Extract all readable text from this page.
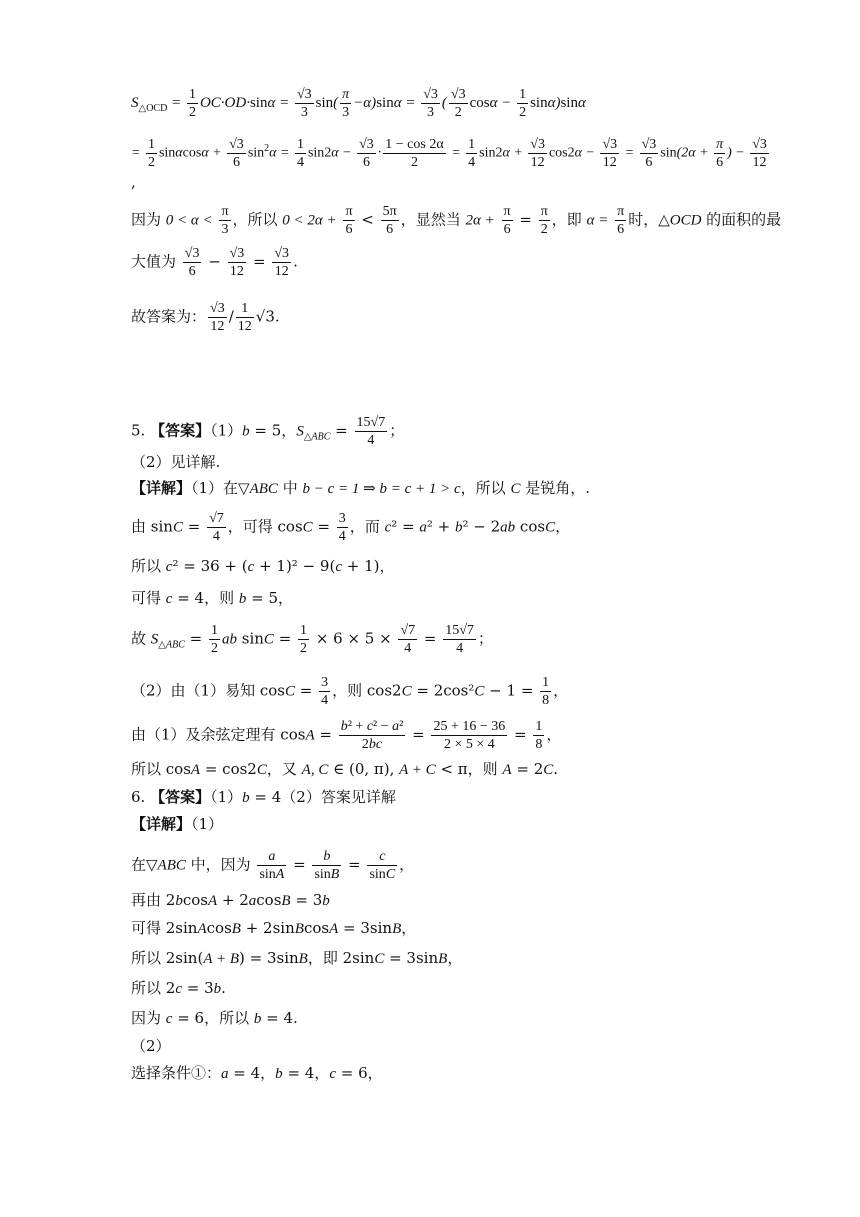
$S_{\triangle OCD} = \frac{1}{2} OC\cdot OD\cdot\sin\alpha = \frac{√3}{3} \sin( \frac{\pi}{3} -\alpha)\sin\alpha = \frac{√3}{3}$ ( $\frac{√3}{2}$ $\cos\alpha - \frac{1}{2} \sin\alpha)\sin\alpha$
= $\frac{1}{2}$ $\sin\alpha\cos\alpha + \frac{√3}{6} \sin^2\alpha = \frac{1}{4} \sin 2\alpha - \frac{√3}{6} \cdot \frac{1 - \cos 2\alpha}{2} = \frac{1}{4} \sin 2\alpha + \frac{√3}{12} \cos 2\alpha - \frac{√3}{12} = \frac{√3}{6} \sin(2\alpha + \frac{\pi}{6}$ ) − $\frac{√3}{12}$
,
因为 $0 < \alpha < \frac{\pi}{3}$ ，所以 $0 < 2\alpha + \frac{\pi}{6} < \frac{5\pi}{6}$ ，显然当 $2\alpha + \frac{\pi}{6} = \frac{\pi}{2}$ ，即 $\alpha = \frac{\pi}{6}$ 时，△OCD 的面积的最
大值为 $\frac{√3}{6} - \frac{√3}{12} = \frac{√3}{12}$ .
故答案为： $\frac{√3}{12} / \frac{1}{12} √3$.
5. 【答案】（1）b = 5，$S_{\triangle ABC} = \frac{15√7}{4}$ ；
（2）见详解.
【详解】（1）在▽ABC 中 b − c = 1 ⇒ b = c + 1 > c，所以 C 是锐角，.
由 $\sin C = \frac{√7}{4}$ ，可得 $\cos C = \frac{3}{4}$ ，而 c² = a² + b² − 2ab cosC，
所以 c² = 36 + (c + 1)² − 9(c + 1)，
可得 c = 4，则 b = 5，
故 $S_{\triangle ABC} = \frac{1}{2}$ ab $\sin C = \frac{1}{2} \times 6 \times 5 \times \frac{√7}{4} = \frac{15√7}{4}$ ；
（2）由（1）易知 $\cos C = \frac{3}{4}$ ，则 $\cos 2C = 2\cos^2C - 1 = \frac{1}{8}$ ，
由（1）及余弦定理有 $\cos A = \frac{\text{b² + c² − a²}}{2bc} = \frac{25 + 16 - 36}{2 \times 5 \times 4} = \frac{1}{8}$ ，
所以 cosA = cos2C，又 A, C ∈ (0, π), A + C < π，则 A = 2C.
6. 【答案】（1）b = 4（2）答案见详解
【详解】（1）
在▽ABC 中，因为 $\frac{a}{\sin A} = \frac{b}{\sin B} = \frac{c}{\sin C}$ ，
再由 2bcosA + 2acosB = 3b
可得 2sinAcosB + 2sinBcosA = 3sinB，
所以 2sin(A + B) = 3sinB，即 2sinC = 3sinB，
所以 2c = 3b.
因为 c = 6，所以 b = 4.
（2）
选择条件①：a = 4，b = 4，c = 6，
